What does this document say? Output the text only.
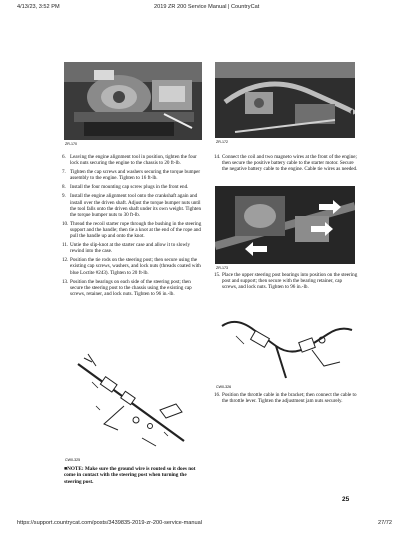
4/13/23, 3:52 PM	2019 ZR 200 Service Manual | CountryCat
ZR-170	ZR-172
6. Leaving the engine alignment tool in position, tighten the four lock nuts securing the engine to the chassis to 20 ft-lb.
7. Tighten the cap screws and washers securing the torque bumper assembly to the engine. Tighten to 16 ft-lb.
8. Install the four mounting cap screw plugs in the front end.
9. Install the engine alignment tool onto the crankshaft again and install over the driven shaft. Adjust the torque bumper nuts until the tool falls onto the driven shaft under its own weight. Tighten the torque bumper nuts to 30 ft-lb.
10. Thread the recoil starter rope through the bushing in the steering support and the handle; then tie a knot at the end of the rope and pull the handle up and onto the knot.
11. Untie the slip-knot at the starter case and allow it to slowly rewind into the case.
12. Position the tie rods on the steering post; then secure using the existing cap screws, washers, and lock nuts (threads coated with blue Loctite #243). Tighten to 20 ft-lb.
13. Position the bearings on each side of the steering post; then secure the steering post to the chassis using the existing cap screws, retainer, and lock nuts. Tighten to 96 in.-lb.
CW0-325
■NOTE: Make sure the ground wire is routed so it does not come in contact with the steering post when turning the steering post.
14. Connect the coil and two magneto wires at the front of the engine; then secure the positive battery cable to the starter motor. Secure the negative battery cable to the engine. Cable tie wires as needed.
ZR-173
15. Place the upper steering post bearings into position on the steering post and support; then secure with the bearing retainer, cap screws, and lock nuts. Tighten to 96 in.-lb.
CW0-326
16. Position the throttle cable in the bracket; then connect the cable to the throttle lever. Tighten the adjustment jam nuts securely.
25
https://support.countrycat.com/posts/3439835-2019-zr-200-service-manual	27/72
